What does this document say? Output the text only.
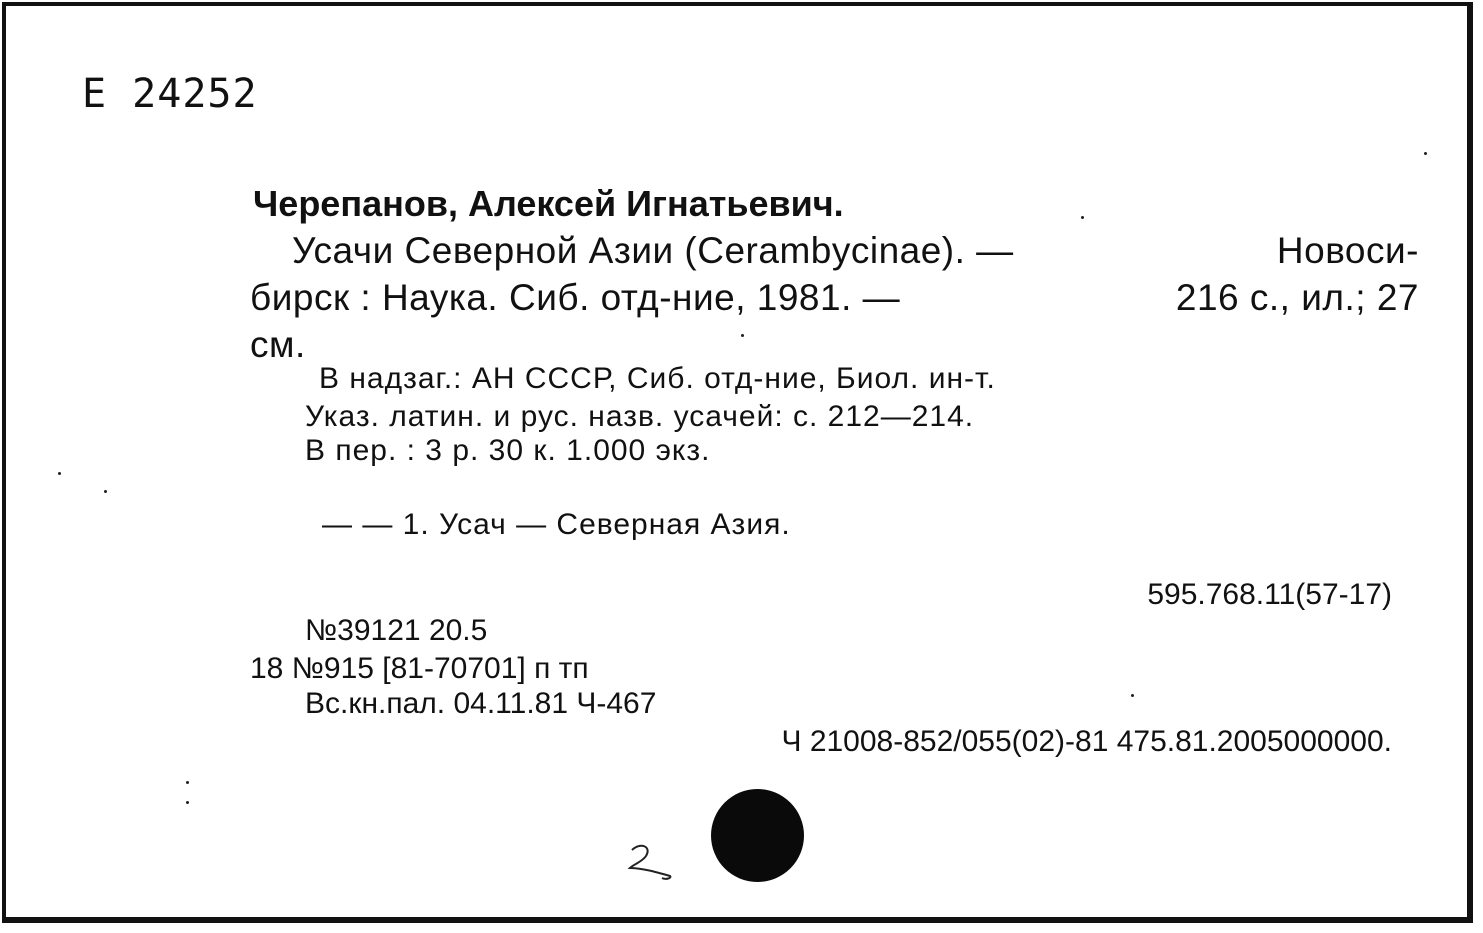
Е 24252
Черепанов, Алексей Игнатьевич.
Усачи Северной Азии (Cerambycinae). —	Новоси-
бирск : Наука. Сиб. отд-ние, 1981. —	216 с., ил.; 27
см.
В надзаг.: АН СССР, Сиб. отд-ние, Биол. ин-т.
Указ. латин. и рус. назв. усачей: с. 212—214.
В пер. : 3 р. 30 к. 1.000 экз.
— — 1. Усач — Северная Азия.
595.768.11(57-17)
№39121 20.5
18 №915 [81-70701] п тп
Вс.кн.пал. 04.11.81 Ч-467
Ч 21008-852/055(02)-81 475.81.2005000000.
